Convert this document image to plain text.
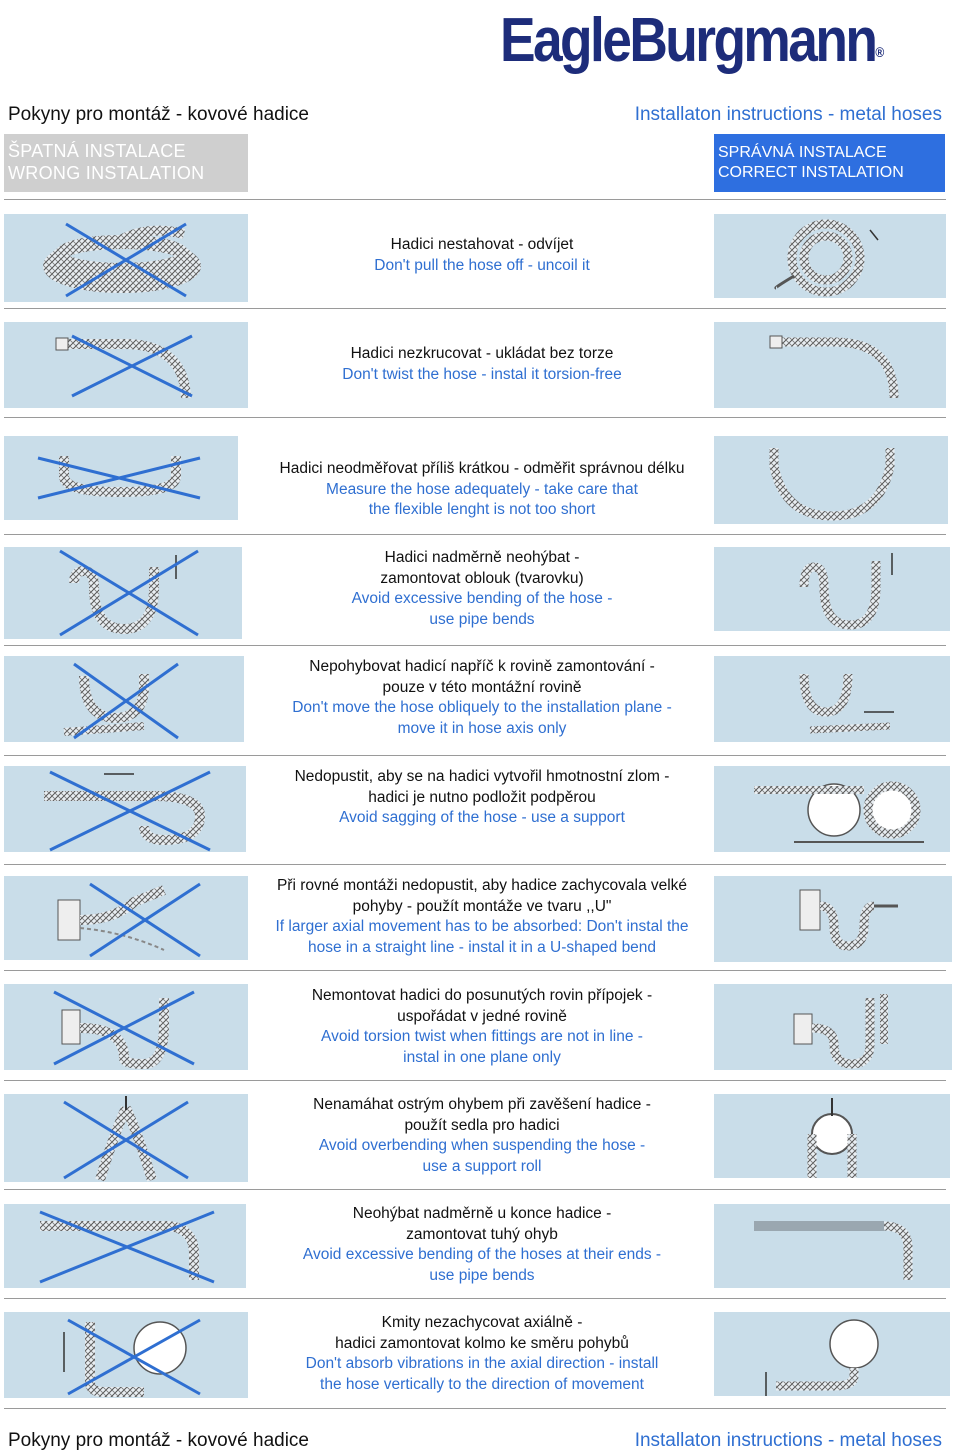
EagleBurgmann®
Pokyny pro montáž - kovové hadice	Installaton instructions - metal hoses
ŠPATNÁ INSTALACE
WRONG INSTALATION
SPRÁVNÁ INSTALACE
CORRECT INSTALATION
Hadici nestahovat - odvíjet
Don't pull the hose off - uncoil it
Hadici nezkrucovat - ukládat bez torze
Don't twist the hose - instal it torsion-free
Hadici neodměřovat příliš krátkou - odměřit správnou délku
Measure the hose adequately - take care that
the flexible lenght is not too short
Hadici nadměrně neohýbat -
zamontovat oblouk (tvarovku)
Avoid excessive bending of the hose -
use pipe bends
Nepohybovat hadicí napříč k rovině zamontování -
pouze v této montážní rovině
Don't move the hose obliquely to the installation plane -
move it in hose axis only
Nedopustit, aby se na hadici vytvořil hmotnostní zlom -
hadici je nutno podložit podpěrou
Avoid sagging of the hose - use a support
Při rovné montáži nedopustit, aby hadice zachycovala velké
pohyby - použít montáže ve tvaru ,,U"
If larger axial movement has to be absorbed: Don't instal the
hose in a straight line - instal it in a U-shaped bend
Nemontovat hadici do posunutých rovin přípojek -
uspořádat v jedné rovině
Avoid torsion twist when fittings are not in line -
instal in one plane only
Nenamáhat ostrým ohybem při zavěšení hadice -
použít sedla pro hadici
Avoid overbending when suspending the hose -
use a support roll
Neohýbat nadměrně u konce hadice -
zamontovat tuhý ohyb
Avoid excessive bending of the hoses at their ends -
use pipe bends
Kmity nezachycovat axiálně -
hadici zamontovat kolmo ke směru pohybů
Don't absorb vibrations in the axial direction - install
the hose vertically to the direction of movement
Pokyny pro montáž - kovové hadice	Installaton instructions - metal hoses
